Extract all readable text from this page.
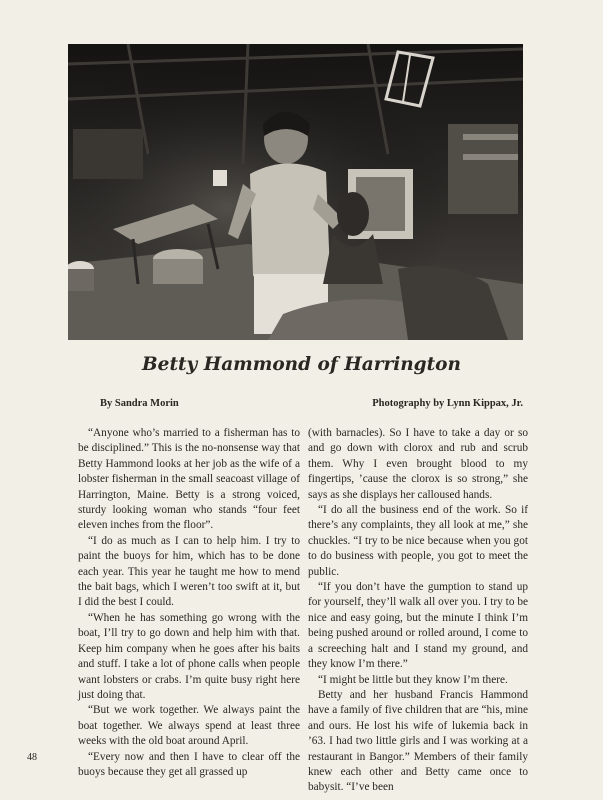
Betty Hammond of Harrington
By Sandra Morin	Photography by Lynn Kippax, Jr.

“Anyone who’s married to a fisherman has to be disciplined.” This is the no-nonsense way that Betty Hammond looks at her job as the wife of a lobster fisherman in the small seacoast village of Harrington, Maine. Betty is a strong voiced, sturdy looking woman who stands “four feet eleven inches from the floor”.

“I do as much as I can to help him. I try to paint the buoys for him, which has to be done each year. This year he taught me how to mend the bait bags, which I weren’t too swift at it, but I did the best I could.

“When he has something go wrong with the boat, I’ll try to go down and help him with that. Keep him company when he goes after his baits and stuff. I take a lot of phone calls when people want lobsters or crabs. I’m quite busy right here just doing that.

“But we work together. We always paint the boat together. We always spend at least three weeks with the old boat around April.

“Every now and then I have to clear off the buoys because they get all grassed up

(with barnacles). So I have to take a day or so and go down with clorox and rub and scrub them. Why I even brought blood to my fingertips, ’cause the clorox is so strong,” she says as she displays her calloused hands.

“I do all the business end of the work. So if there’s any complaints, they all look at me,” she chuckles. “I try to be nice because when you got to do business with people, you got to meet the public.

“If you don’t have the gumption to stand up for yourself, they’ll walk all over you. I try to be nice and easy going, but the minute I think I’m being pushed around or rolled around, I come to a screeching halt and I stand my ground, and they know I’m there.”

“I might be little but they know I’m there.

Betty and her husband Francis Hammond have a family of five children that are “his, mine and ours. He lost his wife of lukemia back in ’63. I had two little girls and I was working at a restaurant in Bangor.” Members of their family knew each other and Betty came once to babysit. “I’ve been

48
